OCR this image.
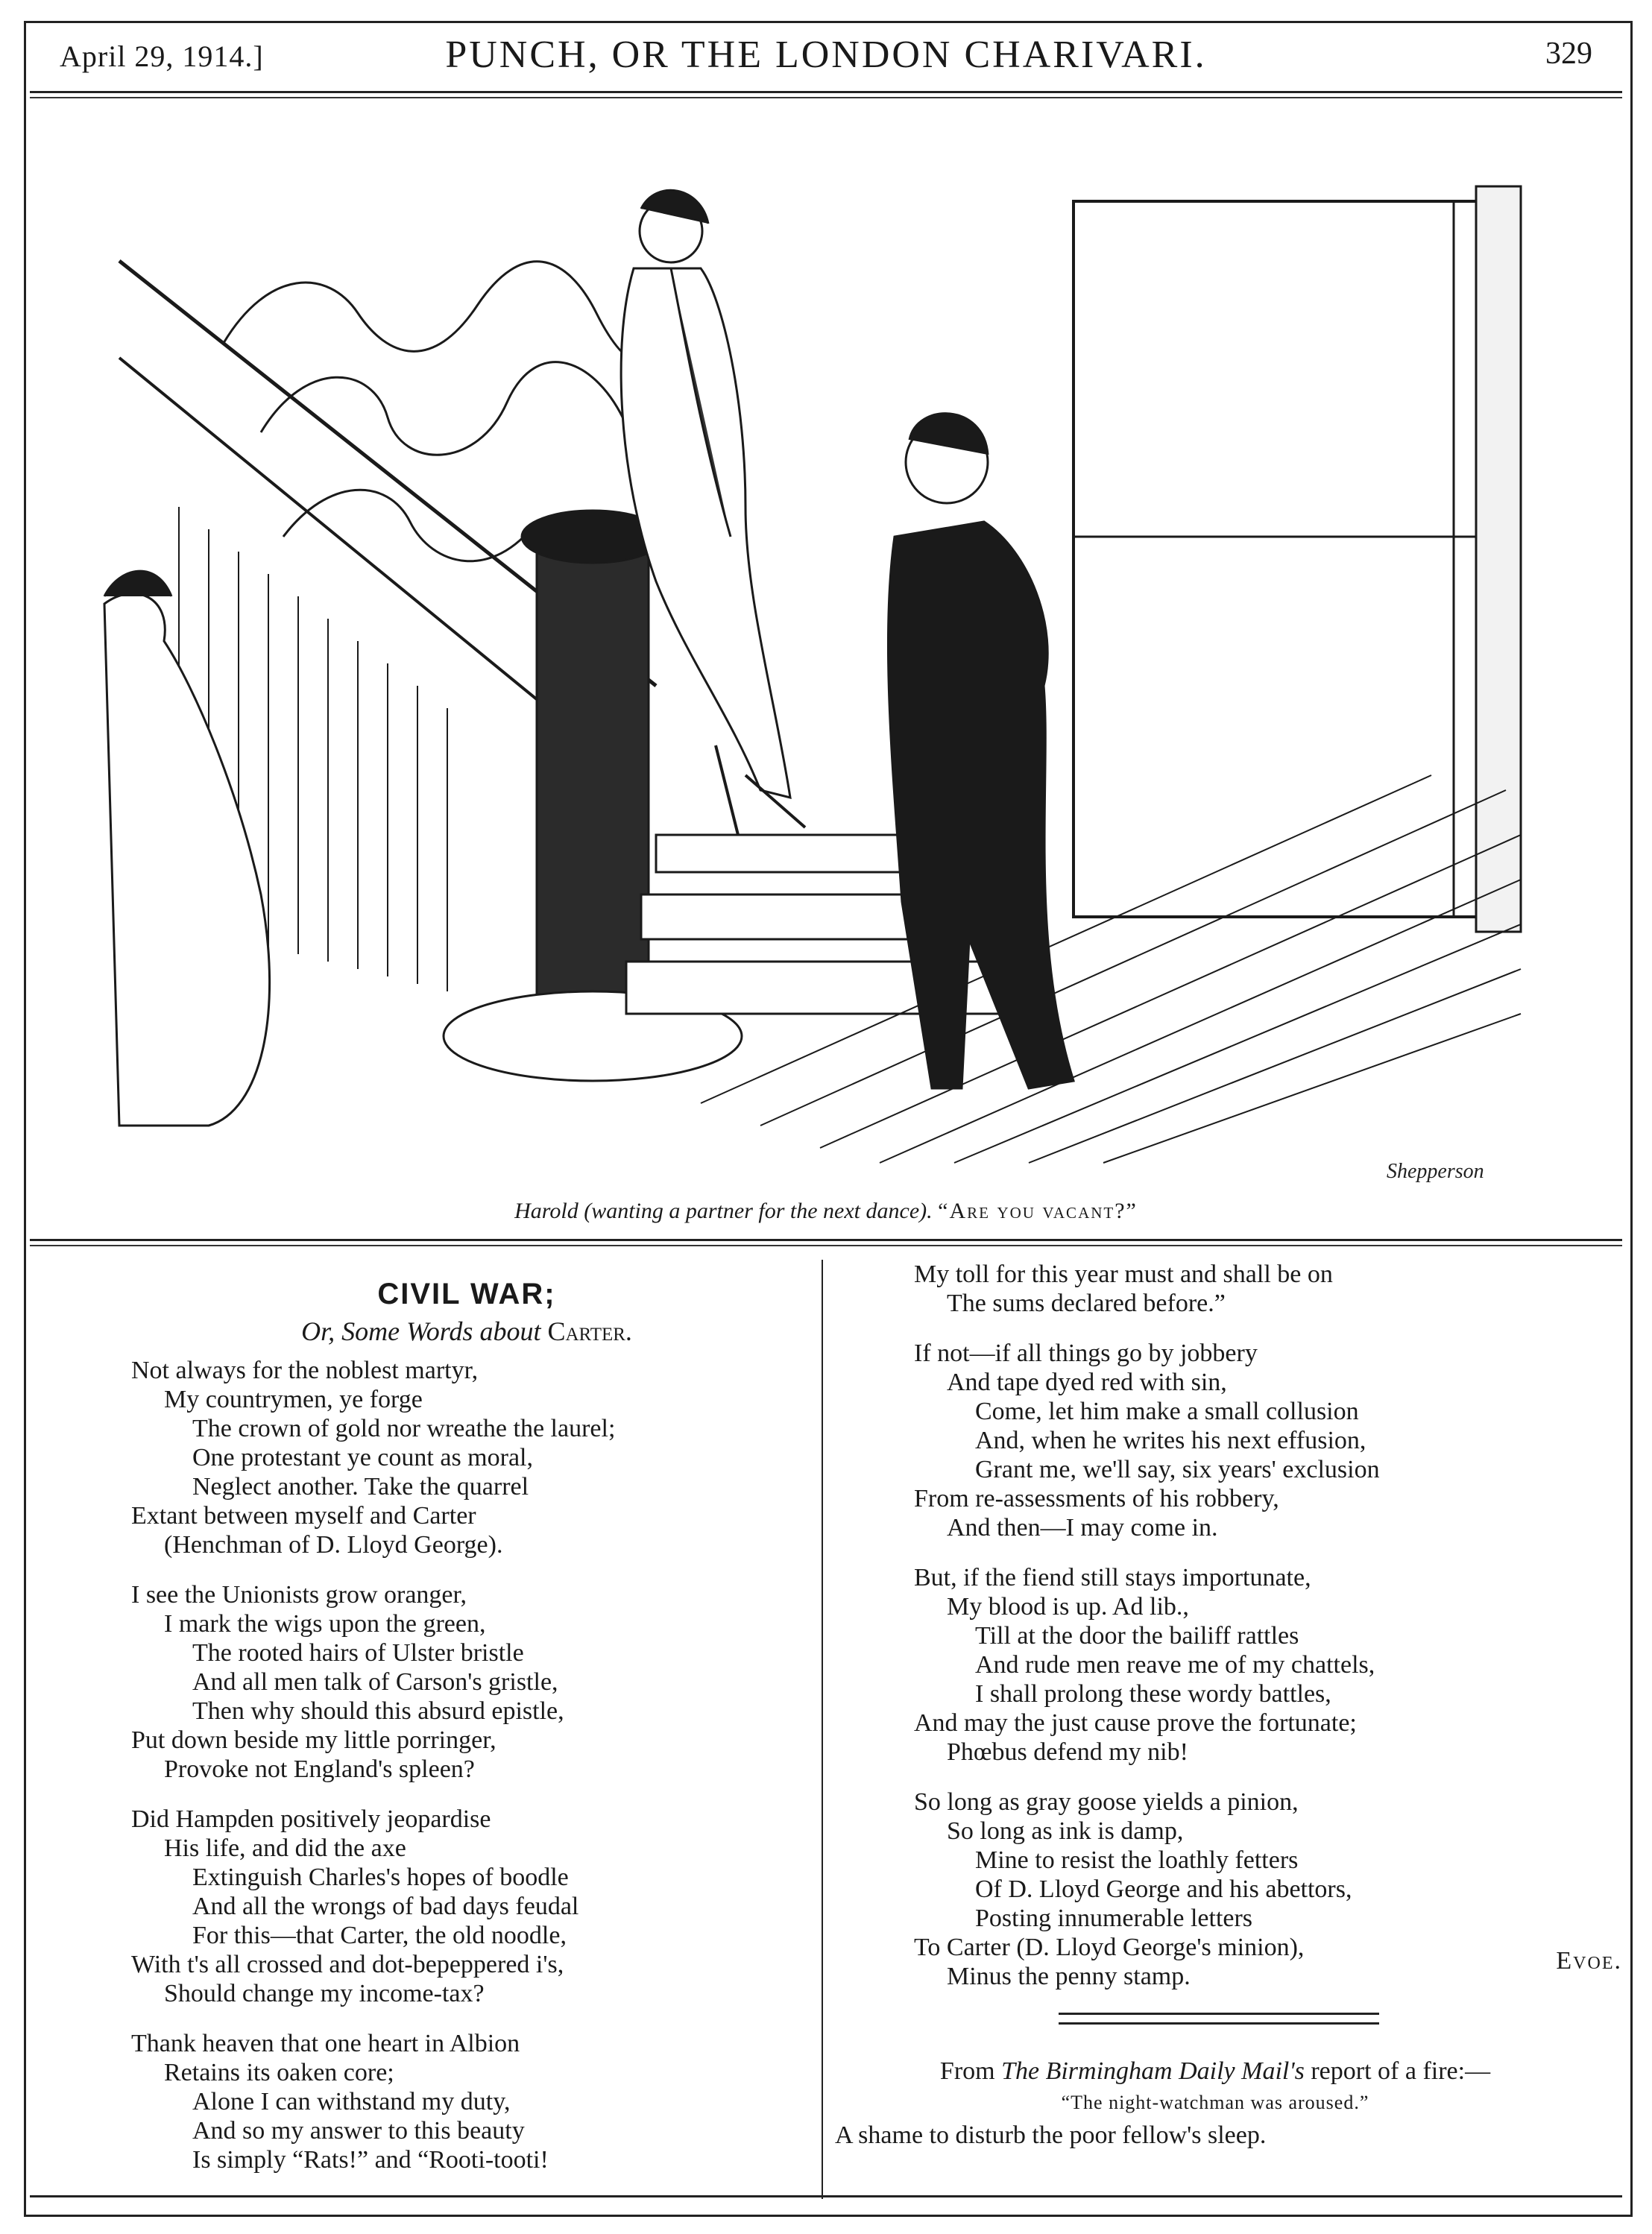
April 29, 1914.]	PUNCH, OR THE LONDON CHARIVARI.	329
Shepperson
Harold (wanting a partner for the next dance). “Are you vacant?”
CIVIL WAR;
Or, Some Words about Carter.
Not always for the noblest martyr,
My countrymen, ye forge
The crown of gold nor wreathe the laurel;
One protestant ye count as moral,
Neglect another. Take the quarrel
Extant between myself and Carter
(Henchman of D. Lloyd George).
I see the Unionists grow oranger,
I mark the wigs upon the green,
The rooted hairs of Ulster bristle
And all men talk of Carson's gristle,
Then why should this absurd epistle,
Put down beside my little porringer,
Provoke not England's spleen?
Did Hampden positively jeopardise
His life, and did the axe
Extinguish Charles's hopes of boodle
And all the wrongs of bad days feudal
For this—that Carter, the old noodle,
With t's all crossed and dot-bepeppered i's,
Should change my income-tax?
Thank heaven that one heart in Albion
Retains its oaken core;
Alone I can withstand my duty,
And so my answer to this beauty
Is simply “Rats!” and “Rooti-tooti!
My toll for this year must and shall be on
The sums declared before.”
If not—if all things go by jobbery
And tape dyed red with sin,
Come, let him make a small collusion
And, when he writes his next effusion,
Grant me, we'll say, six years' exclusion
From re-assessments of his robbery,
And then—I may come in.
But, if the fiend still stays importunate,
My blood is up. Ad lib.,
Till at the door the bailiff rattles
And rude men reave me of my chattels,
I shall prolong these wordy battles,
And may the just cause prove the fortunate;
Phœbus defend my nib!
So long as gray goose yields a pinion,
So long as ink is damp,
Mine to resist the loathly fetters
Of D. Lloyd George and his abettors,
Posting innumerable letters
To Carter (D. Lloyd George's minion),
Minus the penny stamp.
Evoe.
From The Birmingham Daily Mail's report of a fire:—
“The night-watchman was aroused.”
A shame to disturb the poor fellow's sleep.
